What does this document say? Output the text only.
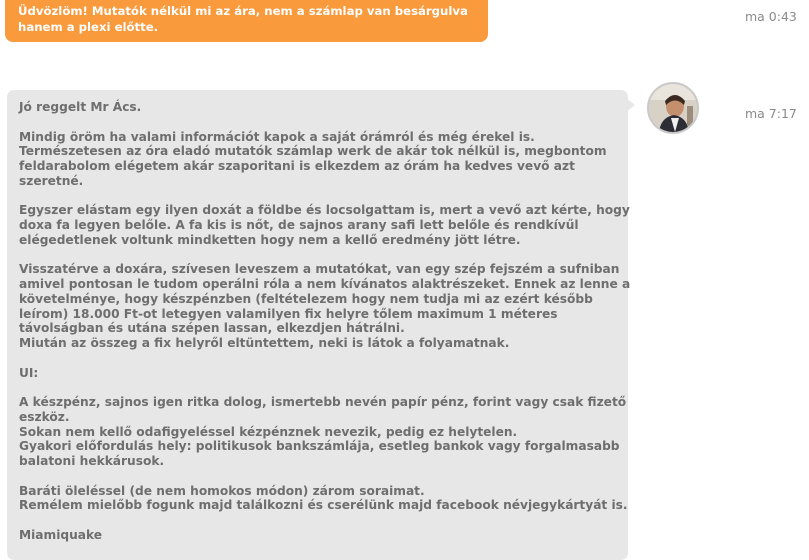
Üdvözlöm! Mutatók nélkül mi az ára, nem a számlap van besárgulva
hanem a plexi előtte.
ma 0:43
Jó reggelt Mr Ács.
Mindig öröm ha valami információt kapok a saját órámról és még érekel is.
Természetesen az óra eladó mutatók számlap werk de akár tok nélkül is, megbontom
feldarabolom elégetem akár szaporitani is elkezdem az órám ha kedves vevő azt
szeretné.
Egyszer elástam egy ilyen doxát a földbe és locsolgattam is, mert a vevő azt kérte, hogy
doxa fa legyen belőle. A fa kis is nőt, de sajnos arany safi lett belőle és rendkívűl
elégedetlenek voltunk mindketten hogy nem a kellő eredmény jött létre.
Visszatérve a doxára, szívesen leveszem a mutatókat, van egy szép fejszém a sufniban
amivel pontosan le tudom operálni róla a nem kívánatos alaktrészeket. Ennek az lenne a
követelménye, hogy készpénzben (feltételezem hogy nem tudja mi az ezért később
leírom) 18.000 Ft-ot letegyen valamilyen fix helyre tőlem maximum 1 méteres
távolságban és utána szépen lassan, elkezdjen hátrálni.
Miután az összeg a fix helyről eltüntettem, neki is látok a folyamatnak.
UI:
A készpénz, sajnos igen ritka dolog, ismertebb nevén papír pénz, forint vagy csak fizető
eszköz.
Sokan nem kellő odafigyeléssel kézpénznek nevezik, pedig ez helytelen.
Gyakori előfordulás hely: politikusok bankszámlája, esetleg bankok vagy forgalmasabb
balatoni hekkárusok.
Baráti öleléssel (de nem homokos módon) zárom soraimat.
Remélem mielőbb fogunk majd találkozni és cserélünk majd facebook névjegykártyát is.
Miamiquake
ma 7:17
